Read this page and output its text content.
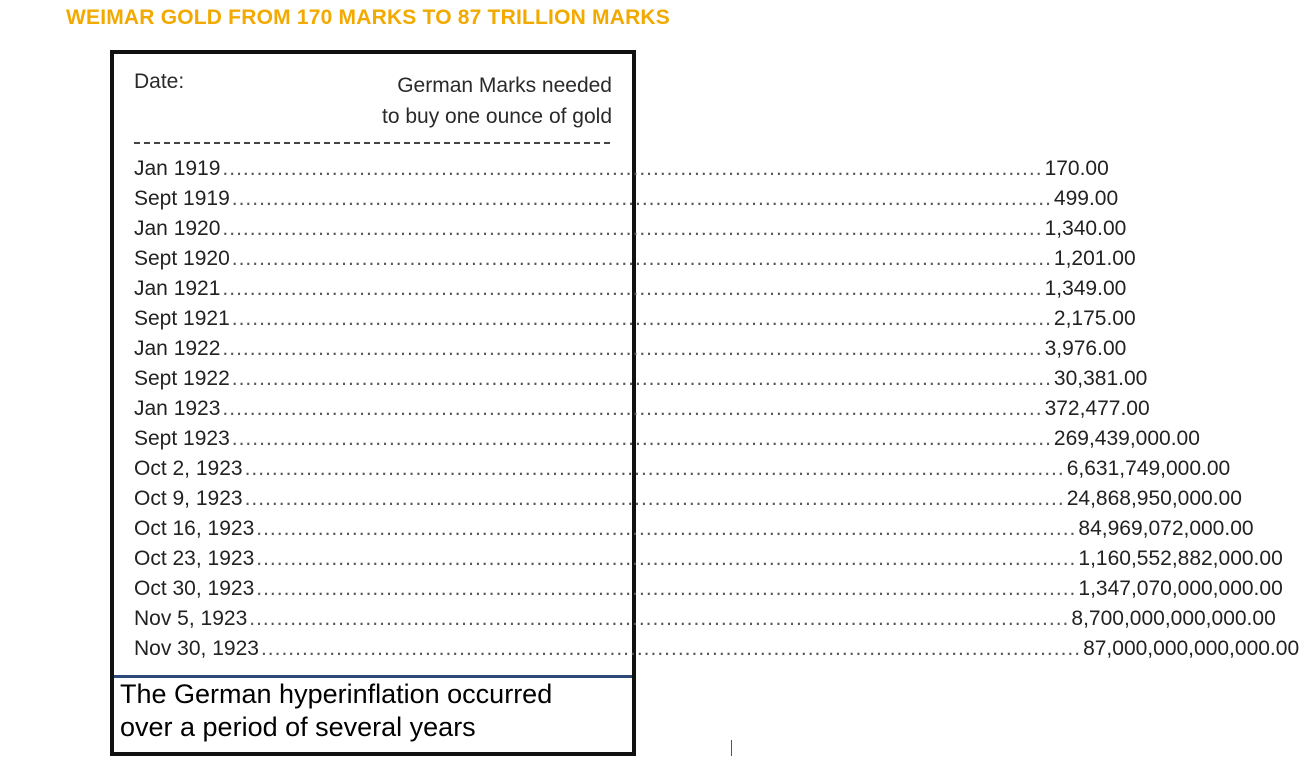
WEIMAR GOLD FROM 170 MARKS TO 87 TRILLION MARKS
Date:	German Marks needed
to buy one ounce of gold
Jan 1919 ........................................................................................................................ 170.00
Sept 1919 ........................................................................................................................ 499.00
Jan 1920 ........................................................................................................................ 1,340.00
Sept 1920 ........................................................................................................................ 1,201.00
Jan 1921 ........................................................................................................................ 1,349.00
Sept 1921 ........................................................................................................................ 2,175.00
Jan 1922 ........................................................................................................................ 3,976.00
Sept 1922 ........................................................................................................................ 30,381.00
Jan 1923 ........................................................................................................................ 372,477.00
Sept 1923 ........................................................................................................................ 269,439,000.00
Oct 2, 1923 ........................................................................................................................ 6,631,749,000.00
Oct 9, 1923 ........................................................................................................................ 24,868,950,000.00
Oct 16, 1923 ........................................................................................................................ 84,969,072,000.00
Oct 23, 1923 ........................................................................................................................ 1,160,552,882,000.00
Oct 30, 1923 ........................................................................................................................ 1,347,070,000,000.00
Nov 5, 1923 ........................................................................................................................ 8,700,000,000,000.00
Nov 30, 1923 ........................................................................................................................ 87,000,000,000,000.00
The German hyperinflation occurred
over a period of several years
